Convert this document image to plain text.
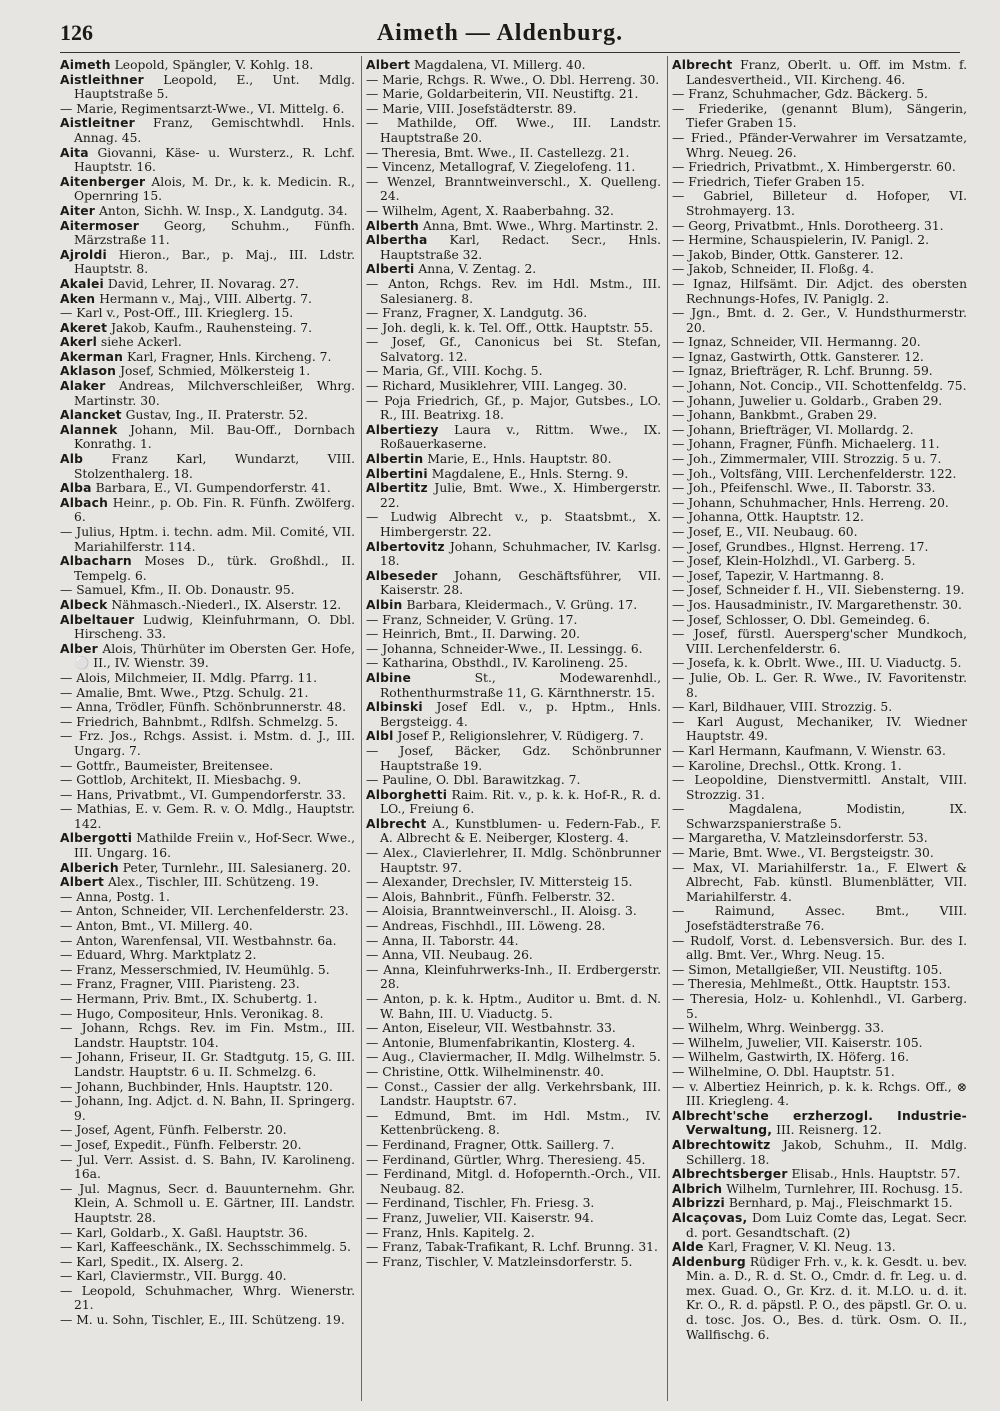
126	Aimeth — Aldenburg.
Aimeth Leopold, Spängler, V. Kohlg. 18.
Aistleithner Leopold, E., Unt. Mdlg. Hauptstraße 5.
— Marie, Regimentsarzt-Wwe., VI. Mittelg. 6.
Aistleitner Franz, Gemischtwhdl. Hnls. Annag. 45.
Aita Giovanni, Käse- u. Wursterz., R. Lchf. Hauptstr. 16.
Aitenberger Alois, M. Dr., k. k. Medicin. R., Opernring 15.
Aiter Anton, Sichh. W. Insp., X. Landgutg. 34.
Aitermoser Georg, Schuhm., Fünfh. Märzstraße 11.
Ajroldi Hieron., Bar., p. Maj., III. Ldstr. Hauptstr. 8.
Akalei David, Lehrer, II. Novarag. 27.
Aken Hermann v., Maj., VIII. Albertg. 7.
— Karl v., Post-Off., III. Krieglerg. 15.
Akeret Jakob, Kaufm., Rauhensteing. 7.
Akerl siehe Ackerl.
Akerman Karl, Fragner, Hnls. Kircheng. 7.
Aklason Josef, Schmied, Mölkersteig 1.
Alaker Andreas, Milchverschleißer, Whrg. Martinstr. 30.
Alancket Gustav, Ing., II. Praterstr. 52.
Alannek Johann, Mil. Bau-Off., Dornbach Konrathg. 1.
Alb Franz Karl, Wundarzt, VIII. Stolzenthalerg. 18.
Alba Barbara, E., VI. Gumpendorferstr. 41.
Albach Heinr., p. Ob. Fin. R. Fünfh. Zwölferg. 6.
— Julius, Hptm. i. techn. adm. Mil. Comité, VII. Mariahilferstr. 114.
Albacharn Moses D., türk. Großhdl., II. Tempelg. 6.
— Samuel, Kfm., II. Ob. Donaustr. 95.
Albeck Nähmasch.-Niederl., IX. Alserstr. 12.
Albeltauer Ludwig, Kleinfuhrmann, O. Dbl. Hirscheng. 33.
Alber Alois, Thürhüter im Obersten Ger. Hofe, ⚪ II., IV. Wienstr. 39.
— Alois, Milchmeier, II. Mdlg. Pfarrg. 11.
— Amalie, Bmt. Wwe., Ptzg. Schulg. 21.
— Anna, Trödler, Fünfh. Schönbrunnerstr. 48.
— Friedrich, Bahnbmt., Rdlfsh. Schmelzg. 5.
— Frz. Jos., Rchgs. Assist. i. Mstm. d. J., III. Ungarg. 7.
— Gottfr., Baumeister, Breitensee.
— Gottlob, Architekt, II. Miesbachg. 9.
— Hans, Privatbmt., VI. Gumpendorferstr. 33.
— Mathias, E. v. Gem. R. v. O. Mdlg., Hauptstr. 142.
Albergotti Mathilde Freiin v., Hof-Secr. Wwe., III. Ungarg. 16.
Alberich Peter, Turnlehr., III. Salesianerg. 20.
Albert Alex., Tischler, III. Schützeng. 19.
— Anna, Postg. 1.
— Anton, Schneider, VII. Lerchenfelderstr. 23.
— Anton, Bmt., VI. Millerg. 40.
— Anton, Warenfensal, VII. Westbahnstr. 6a.
— Eduard, Whrg. Marktplatz 2.
— Franz, Messerschmied, IV. Heumühlg. 5.
— Franz, Fragner, VIII. Piaristeng. 23.
— Hermann, Priv. Bmt., IX. Schubertg. 1.
— Hugo, Compositeur, Hnls. Veronikag. 8.
— Johann, Rchgs. Rev. im Fin. Mstm., III. Landstr. Hauptstr. 104.
— Johann, Friseur, II. Gr. Stadtgutg. 15, G. III. Landstr. Hauptstr. 6 u. II. Schmelzg. 6.
— Johann, Buchbinder, Hnls. Hauptstr. 120.
— Johann, Ing. Adjct. d. N. Bahn, II. Springerg. 9.
— Josef, Agent, Fünfh. Felberstr. 20.
— Josef, Expedit., Fünfh. Felberstr. 20.
— Jul. Verr. Assist. d. S. Bahn, IV. Karolineng. 16a.
— Jul. Magnus, Secr. d. Bauunternehm. Ghr. Klein, A. Schmoll u. E. Gärtner, III. Landstr. Hauptstr. 28.
— Karl, Goldarb., X. Gaßl. Hauptstr. 36.
— Karl, Kaffeeschänk., IX. Sechsschimmelg. 5.
— Karl, Spedit., IX. Alserg. 2.
— Karl, Claviermstr., VII. Burgg. 40.
— Leopold, Schuhmacher, Whrg. Wienerstr. 21.
— M. u. Sohn, Tischler, E., III. Schützeng. 19.
Albert Magdalena, VI. Millerg. 40.
— Marie, Rchgs. R. Wwe., O. Dbl. Herreng. 30.
— Marie, Goldarbeiterin, VII. Neustiftg. 21.
— Marie, VIII. Josefstädterstr. 89.
— Mathilde, Off. Wwe., III. Landstr. Hauptstraße 20.
— Theresia, Bmt. Wwe., II. Castellezg. 21.
— Vincenz, Metallograf, V. Ziegelofeng. 11.
— Wenzel, Branntweinverschl., X. Quelleng. 24.
— Wilhelm, Agent, X. Raaberbahng. 32.
Alberth Anna, Bmt. Wwe., Whrg. Martinstr. 2.
Albertha Karl, Redact. Secr., Hnls. Hauptstraße 32.
Alberti Anna, V. Zentag. 2.
— Anton, Rchgs. Rev. im Hdl. Mstm., III. Salesianerg. 8.
— Franz, Fragner, X. Landgutg. 36.
— Joh. degli, k. k. Tel. Off., Ottk. Hauptstr. 55.
— Josef, Gf., Canonicus bei St. Stefan, Salvatorg. 12.
— Maria, Gf., VIII. Kochg. 5.
— Richard, Musiklehrer, VIII. Langeg. 30.
— Poja Friedrich, Gf., p. Major, Gutsbes., LO. R., III. Beatrixg. 18.
Albertiezy Laura v., Rittm. Wwe., IX. Roßauerkaserne.
Albertin Marie, E., Hnls. Hauptstr. 80.
Albertini Magdalene, E., Hnls. Sterng. 9.
Albertitz Julie, Bmt. Wwe., X. Himbergerstr. 22.
— Ludwig Albrecht v., p. Staatsbmt., X. Himbergerstr. 22.
Albertovitz Johann, Schuhmacher, IV. Karlsg. 18.
Albeseder Johann, Geschäftsführer, VII. Kaiserstr. 28.
Albin Barbara, Kleidermach., V. Grüng. 17.
— Franz, Schneider, V. Grüng. 17.
— Heinrich, Bmt., II. Darwing. 20.
— Johanna, Schneider-Wwe., II. Lessingg. 6.
— Katharina, Obsthdl., IV. Karolineng. 25.
Albine	St., Modewarenhdl., Rothenthurmstraße 11, G. Kärnthnerstr. 15.
Albinski Josef Edl. v., p. Hptm., Hnls. Bergsteigg. 4.
Albl Josef P., Religionslehrer, V. Rüdigerg. 7.
— Josef, Bäcker, Gdz. Schönbrunner Hauptstraße 19.
— Pauline, O. Dbl. Barawitzkag. 7.
Alborghetti Raim. Rit. v., p. k. k. Hof-R., R. d. LO., Freiung 6.
Albrecht A., Kunstblumen- u. Federn-Fab., F. A. Albrecht & E. Neiberger, Klosterg. 4.
— Alex., Clavierlehrer, II. Mdlg. Schönbrunner Hauptstr. 97.
— Alexander, Drechsler, IV. Mittersteig 15.
— Alois, Bahnbrit., Fünfh. Felberstr. 32.
— Aloisia, Branntweinverschl., II. Aloisg. 3.
— Andreas, Fischhdl., III. Löweng. 28.
— Anna, II. Taborstr. 44.
— Anna, VII. Neubaug. 26.
— Anna, Kleinfuhrwerks-Inh., II. Erdbergerstr. 28.
— Anton, p. k. k. Hptm., Auditor u. Bmt. d. N. W. Bahn, III. U. Viaductg. 5.
— Anton, Eiseleur, VII. Westbahnstr. 33.
— Antonie, Blumenfabrikantin, Klosterg. 4.
— Aug., Claviermacher, II. Mdlg. Wilhelmstr. 5.
— Christine, Ottk. Wilhelminenstr. 40.
— Const., Cassier der allg. Verkehrsbank, III. Landstr. Hauptstr. 67.
— Edmund, Bmt. im Hdl. Mstm., IV. Kettenbrückeng. 8.
— Ferdinand, Fragner, Ottk. Saillerg. 7.
— Ferdinand, Gürtler, Whrg. Theresieng. 45.
— Ferdinand, Mitgl. d. Hofopernth.-Orch., VII. Neubaug. 82.
— Ferdinand, Tischler, Fh. Friesg. 3.
— Franz, Juwelier, VII. Kaiserstr. 94.
— Franz, Hnls. Kapitelg. 2.
— Franz, Tabak-Trafikant, R. Lchf. Brunng. 31.
— Franz, Tischler, V. Matzleinsdorferstr. 5.
Albrecht Franz, Oberlt. u. Off. im Mstm. f. Landesvertheid., VII. Kircheng. 46.
— Franz, Schuhmacher, Gdz. Bäckerg. 5.
— Friederike, (genannt Blum), Sängerin, Tiefer Graben 15.
— Fried., Pfänder-Verwahrer im Versatzamte, Whrg. Neueg. 26.
— Friedrich, Privatbmt., X. Himbergerstr. 60.
— Friedrich, Tiefer Graben 15.
— Gabriel, Billeteur d. Hofoper, VI. Strohmayerg. 13.
— Georg, Privatbmt., Hnls. Dorotheerg. 31.
— Hermine, Schauspielerin, IV. Panigl. 2.
— Jakob, Binder, Ottk. Gansterer. 12.
— Jakob, Schneider, II. Floßg. 4.
— Ignaz, Hilfsämt. Dir. Adjct. des obersten Rechnungs-Hofes, IV. Paniglg. 2.
— Jgn., Bmt. d. 2. Ger., V. Hundsthurmerstr. 20.
— Ignaz, Schneider, VII. Hermanng. 20.
— Ignaz, Gastwirth, Ottk. Gansterer. 12.
— Ignaz, Briefträger, R. Lchf. Brunng. 59.
— Johann, Not. Concip., VII. Schottenfeldg. 75.
— Johann, Juwelier u. Goldarb., Graben 29.
— Johann, Bankbmt., Graben 29.
— Johann, Briefträger, VI. Mollardg. 2.
— Johann, Fragner, Fünfh. Michaelerg. 11.
— Joh., Zimmermaler, VIII. Strozzig. 5 u. 7.
— Joh., Voltsfäng, VIII. Lerchenfelderstr. 122.
— Joh., Pfeifenschl. Wwe., II. Taborstr. 33.
— Johann, Schuhmacher, Hnls. Herreng. 20.
— Johanna, Ottk. Hauptstr. 12.
— Josef, E., VII. Neubaug. 60.
— Josef, Grundbes., Hlgnst. Herreng. 17.
— Josef, Klein-Holzhdl., VI. Garberg. 5.
— Josef, Tapezir, V. Hartmanng. 8.
— Josef, Schneider f. H., VII. Siebensterng. 19.
— Jos. Hausadministr., IV. Margarethenstr. 30.
— Josef, Schlosser, O. Dbl. Gemeindeg. 6.
— Josef, fürstl. Auersperg'scher Mundkoch, VIII. Lerchenfelderstr. 6.
— Josefa, k. k. Obrlt. Wwe., III. U. Viaductg. 5.
— Julie, Ob. L. Ger. R. Wwe., IV. Favoritenstr. 8.
— Karl, Bildhauer, VIII. Strozzig. 5.
— Karl August, Mechaniker, IV. Wiedner Hauptstr. 49.
— Karl Hermann, Kaufmann, V. Wienstr. 63.
— Karoline, Drechsl., Ottk. Krong. 1.
— Leopoldine, Dienstvermittl. Anstalt, VIII. Strozzig. 31.
— Magdalena, Modistin, IX. Schwarzspanierstraße 5.
— Margaretha, V. Matzleinsdorferstr. 53.
— Marie, Bmt. Wwe., VI. Bergsteigstr. 30.
— Max, VI. Mariahilferstr. 1a., F. Elwert & Albrecht, Fab. künstl. Blumenblätter, VII. Mariahilferstr. 4.
— Raimund, Assec. Bmt., VIII. Josefstädterstraße 76.
— Rudolf, Vorst. d. Lebensversich. Bur. des I. allg. Bmt. Ver., Whrg. Neug. 15.
— Simon, Metallgießer, VII. Neustiftg. 105.
— Theresia, Mehlmeßt., Ottk. Hauptstr. 153.
— Theresia, Holz- u. Kohlenhdl., VI. Garberg. 5.
— Wilhelm, Whrg. Weinbergg. 33.
— Wilhelm, Juwelier, VII. Kaiserstr. 105.
— Wilhelm, Gastwirth, IX. Höferg. 16.
— Wilhelmine, O. Dbl. Hauptstr. 51.
— v. Albertiez Heinrich, p. k. k. Rchgs. Off., ⊗ III. Kriegleng. 4.
Albrecht'sche erzherzogl. Industrie-Verwaltung, III. Reisnerg. 12.
Albrechtowitz Jakob, Schuhm., II. Mdlg. Schillerg. 18.
Albrechtsberger Elisab., Hnls. Hauptstr. 57.
Albrich Wilhelm, Turnlehrer, III. Rochusg. 15.
Albrizzi Bernhard, p. Maj., Fleischmarkt 15.
Alcaçovas, Dom Luiz Comte das, Legat. Secr. d. port. Gesandtschaft. (2)
Alde Karl, Fragner, V. Kl. Neug. 13.
Aldenburg Rüdiger Frh. v., k. k. Gesdt. u. bev. Min. a. D., R. d. St. O., Cmdr. d. fr. Leg. u. d. mex. Guad. O., Gr. Krz. d. it. M.LO. u. d. it. Kr. O., R. d. päpstl. P. O., des päpstl. Gr. O. u. d. tosc. Jos. O., Bes. d. türk. Osm. O. II., Wallfischg. 6.
